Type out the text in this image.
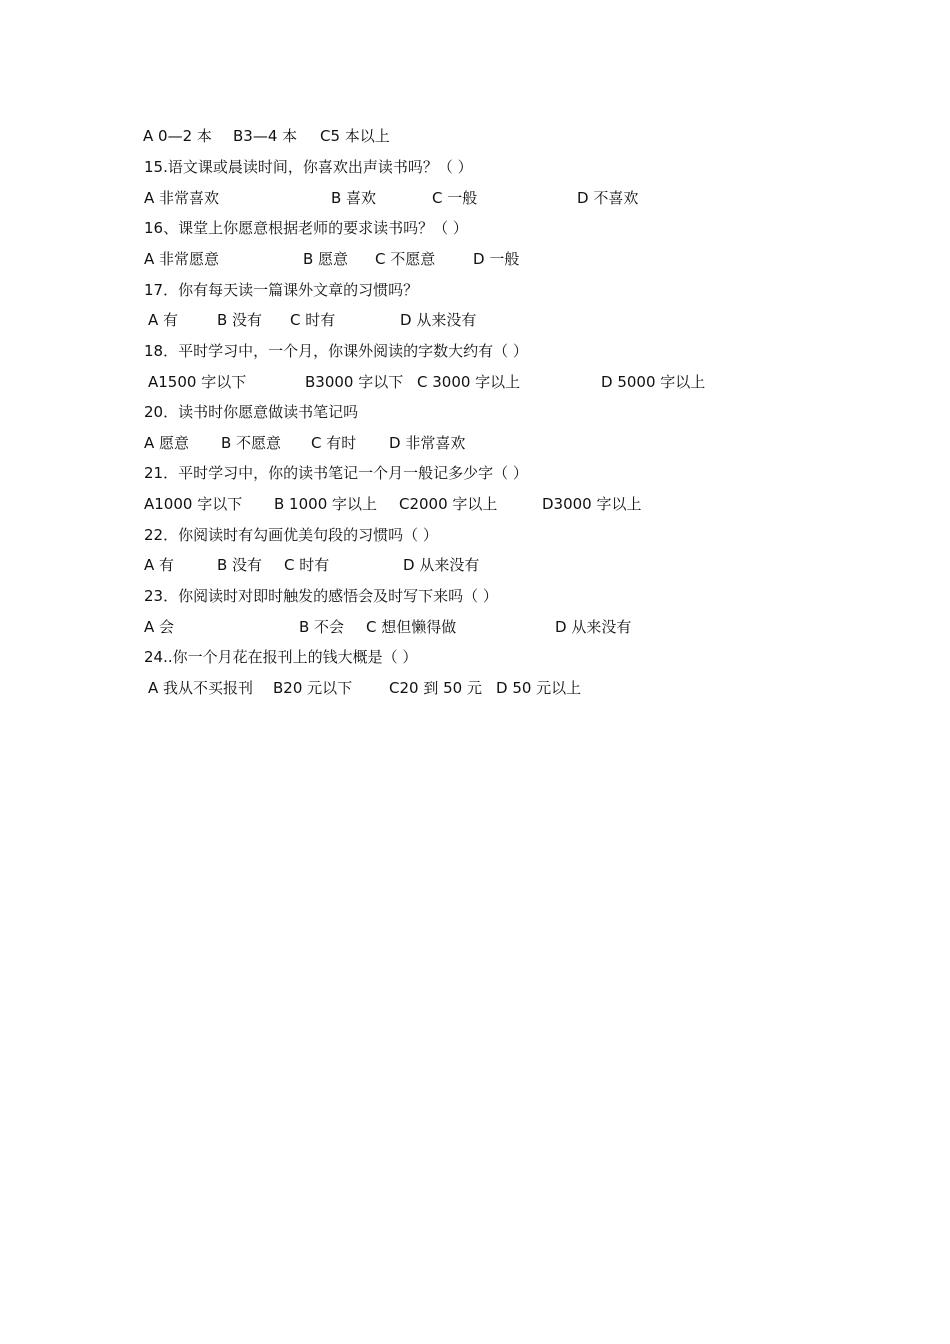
A 0—2 本 B3—4 本 C5 本以上
15.语文课或晨读时间，你喜欢出声读书吗？（ ）
A 非常喜欢	B 喜欢	C 一般	D 不喜欢
16、课堂上你愿意根据老师的要求读书吗？（ ）
A 非常愿意	B 愿意 C 不愿意	D 一般
17．你有每天读一篇课外文章的习惯吗？
A 有	B 没有 C 时有	D 从来没有
18．平时学习中，一个月，你课外阅读的字数大约有（ ）
A1500 字以下	B3000 字以下 C 3000 字以上	D 5000 字以上
20．读书时你愿意做读书笔记吗
A 愿意 B 不愿意 C 有时 D 非常喜欢
21．平时学习中，你的读书笔记一个月一般记多少字（ ）
A1000 字以下 B 1000 字以上 C2000 字以上	D3000 字以上
22．你阅读时有勾画优美句段的习惯吗（ ）
A 有	B 没有 C 时有	D 从来没有
23．你阅读时对即时触发的感悟会及时写下来吗（ ）
A 会	B 不会 C 想但懒得做	D 从来没有
24..你一个月花在报刊上的钱大概是（ ）
A 我从不买报刊 B20 元以下 C20 到 50 元 D 50 元以上
